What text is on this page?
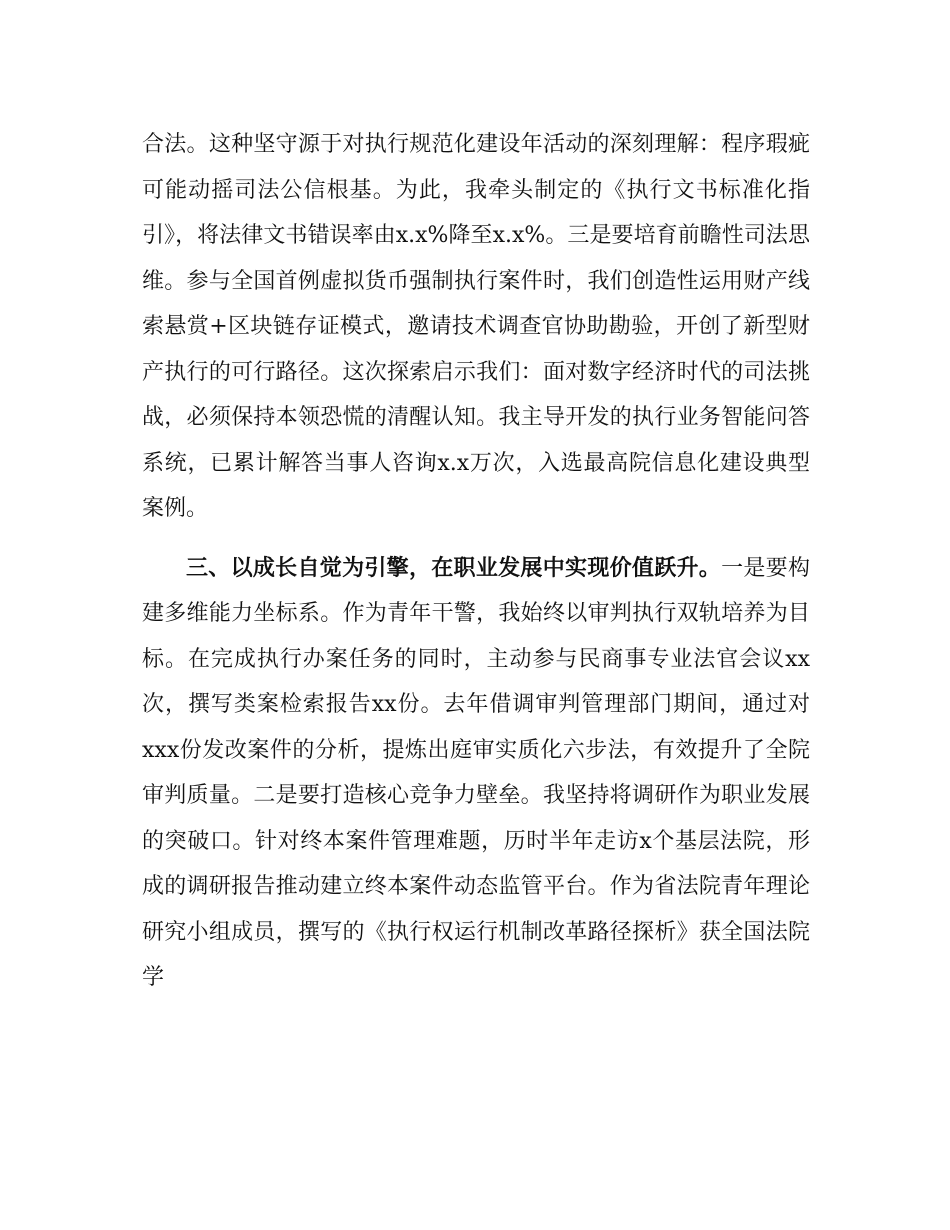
合法。这种坚守源于对执行规范化建设年活动的深刻理解：程序瑕疵可能动摇司法公信根基。为此，我牵头制定的《执行文书标准化指引》，将法律文书错误率由x.x%降至x.x%。三是要培育前瞻性司法思维。参与全国首例虚拟货币强制执行案件时，我们创造性运用财产线索悬赏+区块链存证模式，邀请技术调查官协助勘验，开创了新型财产执行的可行路径。这次探索启示我们：面对数字经济时代的司法挑战，必须保持本领恐慌的清醒认知。我主导开发的执行业务智能问答系统，已累计解答当事人咨询x.x万次，入选最高院信息化建设典型案例。

三、以成长自觉为引擎，在职业发展中实现价值跃升。一是要构建多维能力坐标系。作为青年干警，我始终以审判执行双轨培养为目标。在完成执行办案任务的同时，主动参与民商事专业法官会议xx次，撰写类案检索报告xx份。去年借调审判管理部门期间，通过对xxx份发改案件的分析，提炼出庭审实质化六步法，有效提升了全院审判质量。二是要打造核心竞争力壁垒。我坚持将调研作为职业发展的突破口。针对终本案件管理难题，历时半年走访x个基层法院，形成的调研报告推动建立终本案件动态监管平台。作为省法院青年理论研究小组成员，撰写的《执行权运行机制改革路径探析》获全国法院学
